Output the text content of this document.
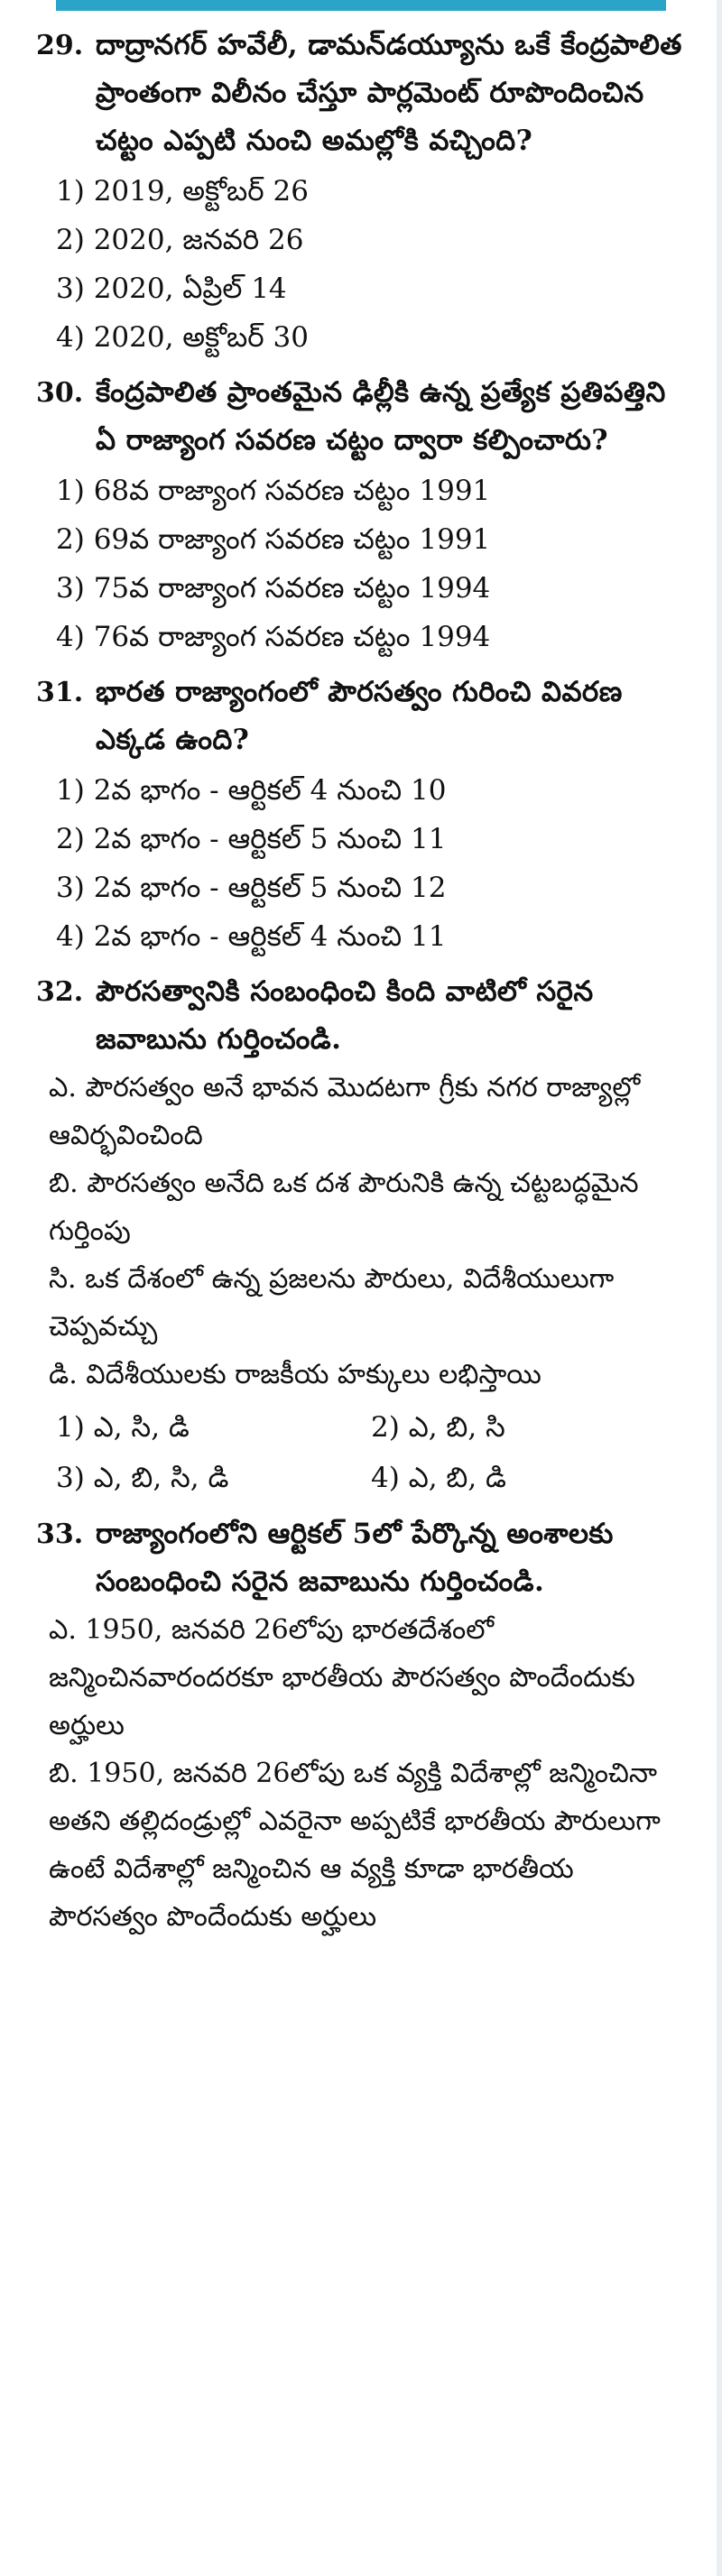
29. దాద్రానగర్ హవేలీ, డామన్‌డయ్యూను ఒకే కేంద్రపాలిత ప్రాంతంగా విలీనం చేస్తూ పార్లమెంట్ రూపొందించిన చట్టం ఎప్పటి నుంచి అమల్లోకి వచ్చింది?
1) 2019, అక్టోబర్ 26
2) 2020, జనవరి 26
3) 2020, ఏప్రిల్ 14
4) 2020, అక్టోబర్ 30
30. కేంద్రపాలిత ప్రాంతమైన ఢిల్లీకి ఉన్న ప్రత్యేక ప్రతిపత్తిని ఏ రాజ్యాంగ సవరణ చట్టం ద్వారా కల్పించారు?
1) 68వ రాజ్యాంగ సవరణ చట్టం 1991
2) 69వ రాజ్యాంగ సవరణ చట్టం 1991
3) 75వ రాజ్యాంగ సవరణ చట్టం 1994
4) 76వ రాజ్యాంగ సవరణ చట్టం 1994
31. భారత రాజ్యాంగంలో పౌరసత్వం గురించి వివరణ ఎక్కడ ఉంది?
1) 2వ భాగం - ఆర్టికల్ 4 నుంచి 10
2) 2వ భాగం - ఆర్టికల్ 5 నుంచి 11
3) 2వ భాగం - ఆర్టికల్ 5 నుంచి 12
4) 2వ భాగం - ఆర్టికల్ 4 నుంచి 11
32. పౌరసత్వానికి సంబంధించి కింది వాటిలో సరైన జవాబును గుర్తించండి.
ఎ. పౌరసత్వం అనే భావన మొదటగా గ్రీకు నగర రాజ్యాల్లో ఆవిర్భవించింది
బి. పౌరసత్వం అనేది ఒక దశ పౌరునికి ఉన్న చట్టబద్ధమైన గుర్తింపు
సి. ఒక దేశంలో ఉన్న ప్రజలను పౌరులు, విదేశీయులుగా చెప్పవచ్చు
డి. విదేశీయులకు రాజకీయ హక్కులు లభిస్తాయి
1) ఎ, సి, డి	2) ఎ, బి, సి
3) ఎ, బి, సి, డి	4) ఎ, బి, డి
33. రాజ్యాంగంలోని ఆర్టికల్ 5లో పేర్కొన్న అంశాలకు సంబంధించి సరైన జవాబును గుర్తించండి.
ఎ. 1950, జనవరి 26లోపు భారతదేశంలో జన్మించినవారందరకూ భారతీయ పౌరసత్వం పొందేందుకు అర్హులు
బి. 1950, జనవరి 26లోపు ఒక వ్యక్తి విదేశాల్లో జన్మించినా అతని తల్లిదండ్రుల్లో ఎవరైనా అప్పటికే భారతీయ పౌరులుగా ఉంటే విదేశాల్లో జన్మించిన ఆ వ్యక్తి కూడా భారతీయ పౌరసత్వం పొందేందుకు అర్హులు
